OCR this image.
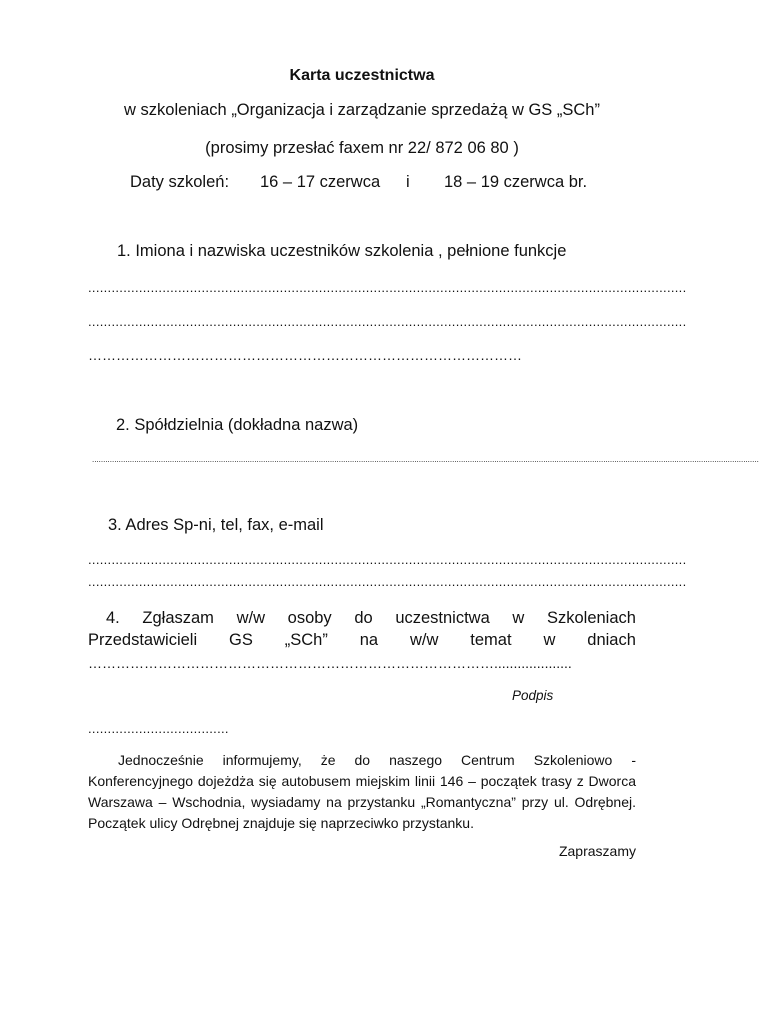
Karta uczestnictwa
w szkoleniach „Organizacja i zarządzanie sprzedażą w GS „SCh”
(prosimy przesłać faxem nr 22/ 872 06 80 )
Daty szkoleń: 16 – 17 czerwca i 18 – 19 czerwca br.
1. Imiona i nazwiska uczestników szkolenia , pełnione funkcje
.........................................................................................................................................................
.........................................................................................................................................................
…………………………………………………………………………………
2. Spółdzielnia (dokładna nazwa)
............................................................................................................................................................................................................................................................................................................
3. Adres Sp-ni, tel, fax, e-mail
.........................................................................................................................................................
.........................................................................................................................................................
4. Zgłaszam w/w osoby do uczestnictwa w Szkoleniach
Przedstawicieli GS „SCh” na w/w temat w dniach
……………………………………………………………………………....................
Podpis
....................................

Jednocześnie informujemy, że do naszego Centrum Szkoleniowo - Konferencyjnego dojeżdża się autobusem miejskim linii 146 – początek trasy z Dworca Warszawa – Wschodnia, wysiadamy na przystanku „Romantyczna” przy ul. Odrębnej. Początek ulicy Odrębnej znajduje się naprzeciwko przystanku.

Zapraszamy
